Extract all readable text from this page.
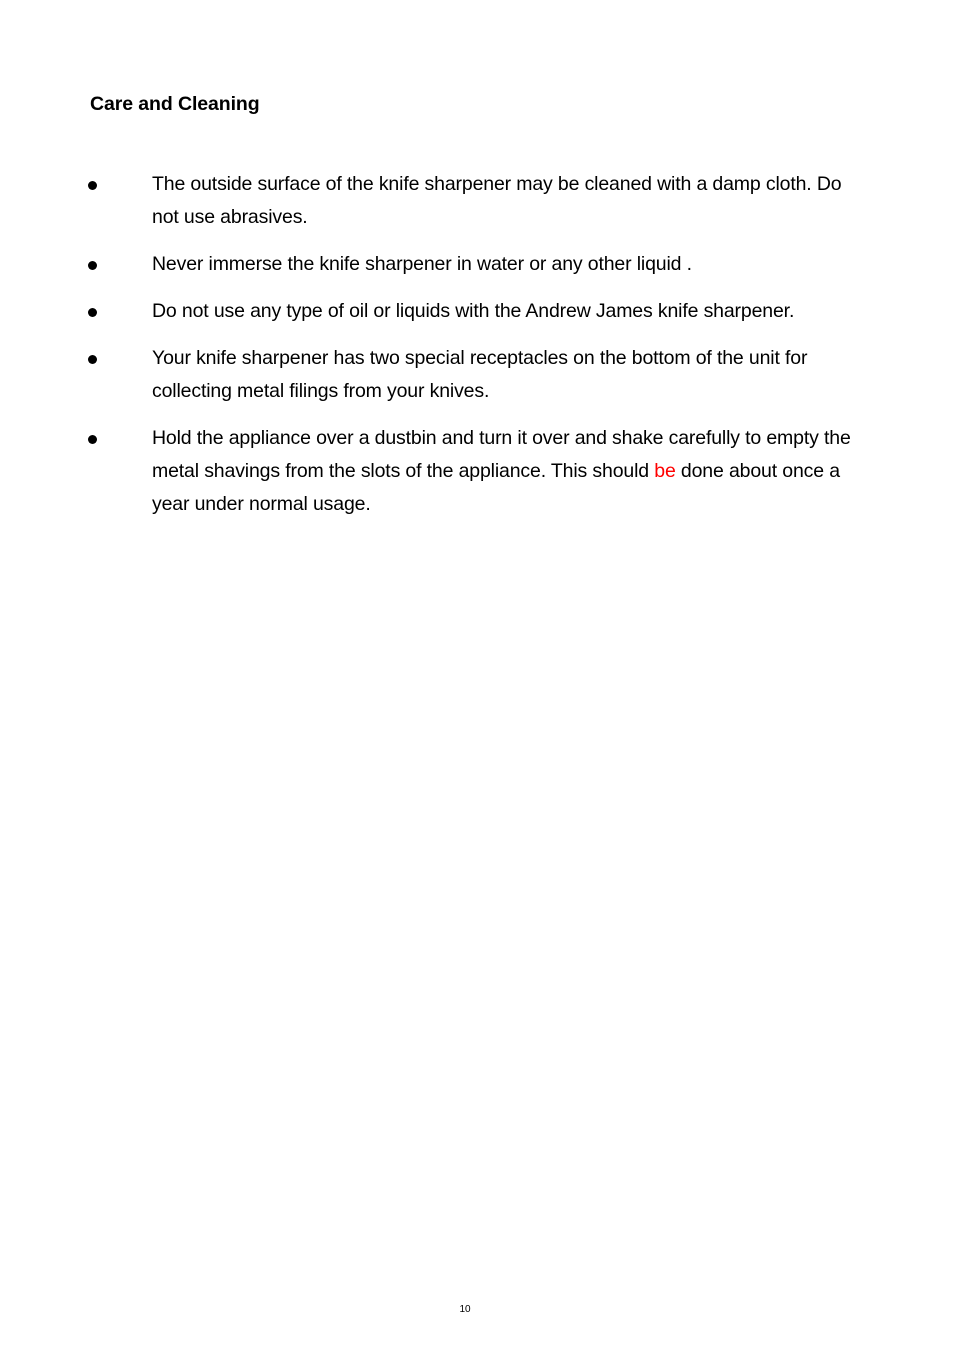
Care and Cleaning
The outside surface of the knife sharpener may be cleaned with a damp cloth. Do not use abrasives.
Never immerse the knife sharpener in water or any other liquid .
Do not use any type of oil or liquids with the Andrew James knife sharpener.
Your knife sharpener has two special receptacles on the bottom of the unit for collecting metal filings from your knives.
Hold the appliance over a dustbin and turn it over and shake carefully to empty the metal shavings from the slots of the appliance. This should be done about once a year under normal usage.
10
